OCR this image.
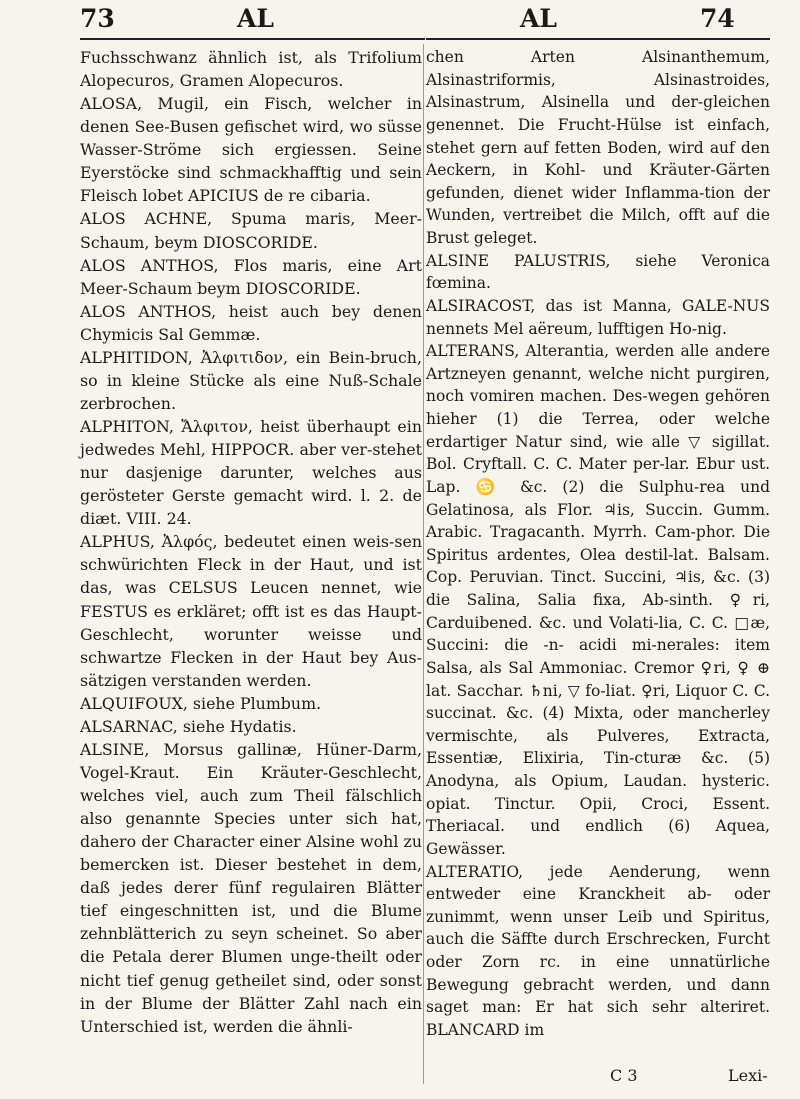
73	AL	AL	74

Fuchsschwanz ähnlich ist, als Trifolium Alopecuros, Gramen Alopecuros.

ALOSA, Mugil, ein Fisch, welcher in denen See-Busen gefischet wird, wo süsse Wasser-Ströme sich ergiessen. Seine Eyerstöcke sind schmackhafftig und sein Fleisch lobet APICIUS de re cibaria.

ALOS ACHNE, Spuma maris, Meer-Schaum, beym DIOSCORIDE.

ALOS ANTHOS, Flos maris, eine Art Meer-Schaum beym DIOSCORIDE.

ALOS ANTHOS, heist auch bey denen Chymicis Sal Gemmæ.

ALPHITIDON, Ἀλφιτιδον, ein Bein-bruch, so in kleine Stücke als eine Nuß-Schale zerbrochen.

ALPHITON, Ἄλφιτον, heist überhaupt ein jedwedes Mehl, HIPPOCR. aber ver-stehet nur dasjenige darunter, welches aus gerösteter Gerste gemacht wird. l. 2. de diæt. VIII. 24.

ALPHUS, Ἀλφός, bedeutet einen weis-sen schwürichten Fleck in der Haut, und ist das, was CELSUS Leucen nennet, wie FESTUS es erkläret; offt ist es das Haupt-Geschlecht, worunter weisse und schwartze Flecken in der Haut bey Aus-sätzigen verstanden werden.

ALQUIFOUX, siehe Plumbum.

ALSARNAC, siehe Hydatis.

ALSINE, Morsus gallinæ, Hüner-Darm, Vogel-Kraut. Ein Kräuter-Geschlecht, welches viel, auch zum Theil fälschlich also genannte Species unter sich hat, dahero der Character einer Alsine wohl zu bemercken ist. Dieser bestehet in dem, daß jedes derer fünf regulairen Blätter tief eingeschnitten ist, und die Blume zehnblätterich zu seyn scheinet. So aber die Petala derer Blumen unge-theilt oder nicht tief genug getheilet sind, oder sonst in der Blume der Blätter Zahl nach ein Unterschied ist, werden die ähnli-

chen Arten Alsinanthemum, Alsinastriformis, Alsinastroides, Alsinastrum, Alsinella und der-gleichen genennet. Die Frucht-Hülse ist einfach, stehet gern auf fetten Boden, wird auf den Aeckern, in Kohl- und Kräuter-Gärten gefunden, dienet wider Inflamma-tion der Wunden, vertreibet die Milch, offt auf die Brust geleget.

ALSINE PALUSTRIS, siehe Veronica fœmina.

ALSIRACOST, das ist Manna, GALE-NUS nennets Mel aëreum, lufftigen Ho-nig.

ALTERANS, Alterantia, werden alle andere Artzneyen genannt, welche nicht purgiren, noch vomiren machen. Des-wegen gehören hieher (1) die Terrea, oder welche erdartiger Natur sind, wie alle ▽ sigillat. Bol. Cryftall. C. C. Mater per-lar. Ebur ust. Lap. ♋ &c. (2) die Sulphu-rea und Gelatinosa, als Flor. ♃is, Succin. Gumm. Arabic. Tragacanth. Myrrh. Cam-phor. Die Spiritus ardentes, Olea destil-lat. Balsam. Cop. Peruvian. Tinct. Succini, ♃is, &c. (3) die Salina, Salia fixa, Ab-sinth. ♀ri, Carduibened. &c. und Volati-lia, C. C. □æ, Succini: die -n- acidi mi-nerales: item Salsa, als Sal Ammoniac. Cremor ♀ri, ♀ ⊕ lat. Sacchar. ♄ni, ▽ fo-liat. ♀ri, Liquor C. C. succinat. &c. (4) Mixta, oder mancherley vermischte, als Pulveres, Extracta, Essentiæ, Elixiria, Tin-cturæ &c. (5) Anodyna, als Opium, Laudan. hysteric. opiat. Tinctur. Opii, Croci, Essent. Theriacal. und endlich (6) Aquea, Gewässer.

ALTERATIO, jede Aenderung, wenn entweder eine Kranckheit ab- oder zunimmt, wenn unser Leib und Spiritus, auch die Säffte durch Erschrecken, Furcht oder Zorn rc. in eine unnatürliche Bewegung gebracht werden, und dann saget man: Er hat sich sehr alteriret. BLANCARD im

C 3	Lexi-
